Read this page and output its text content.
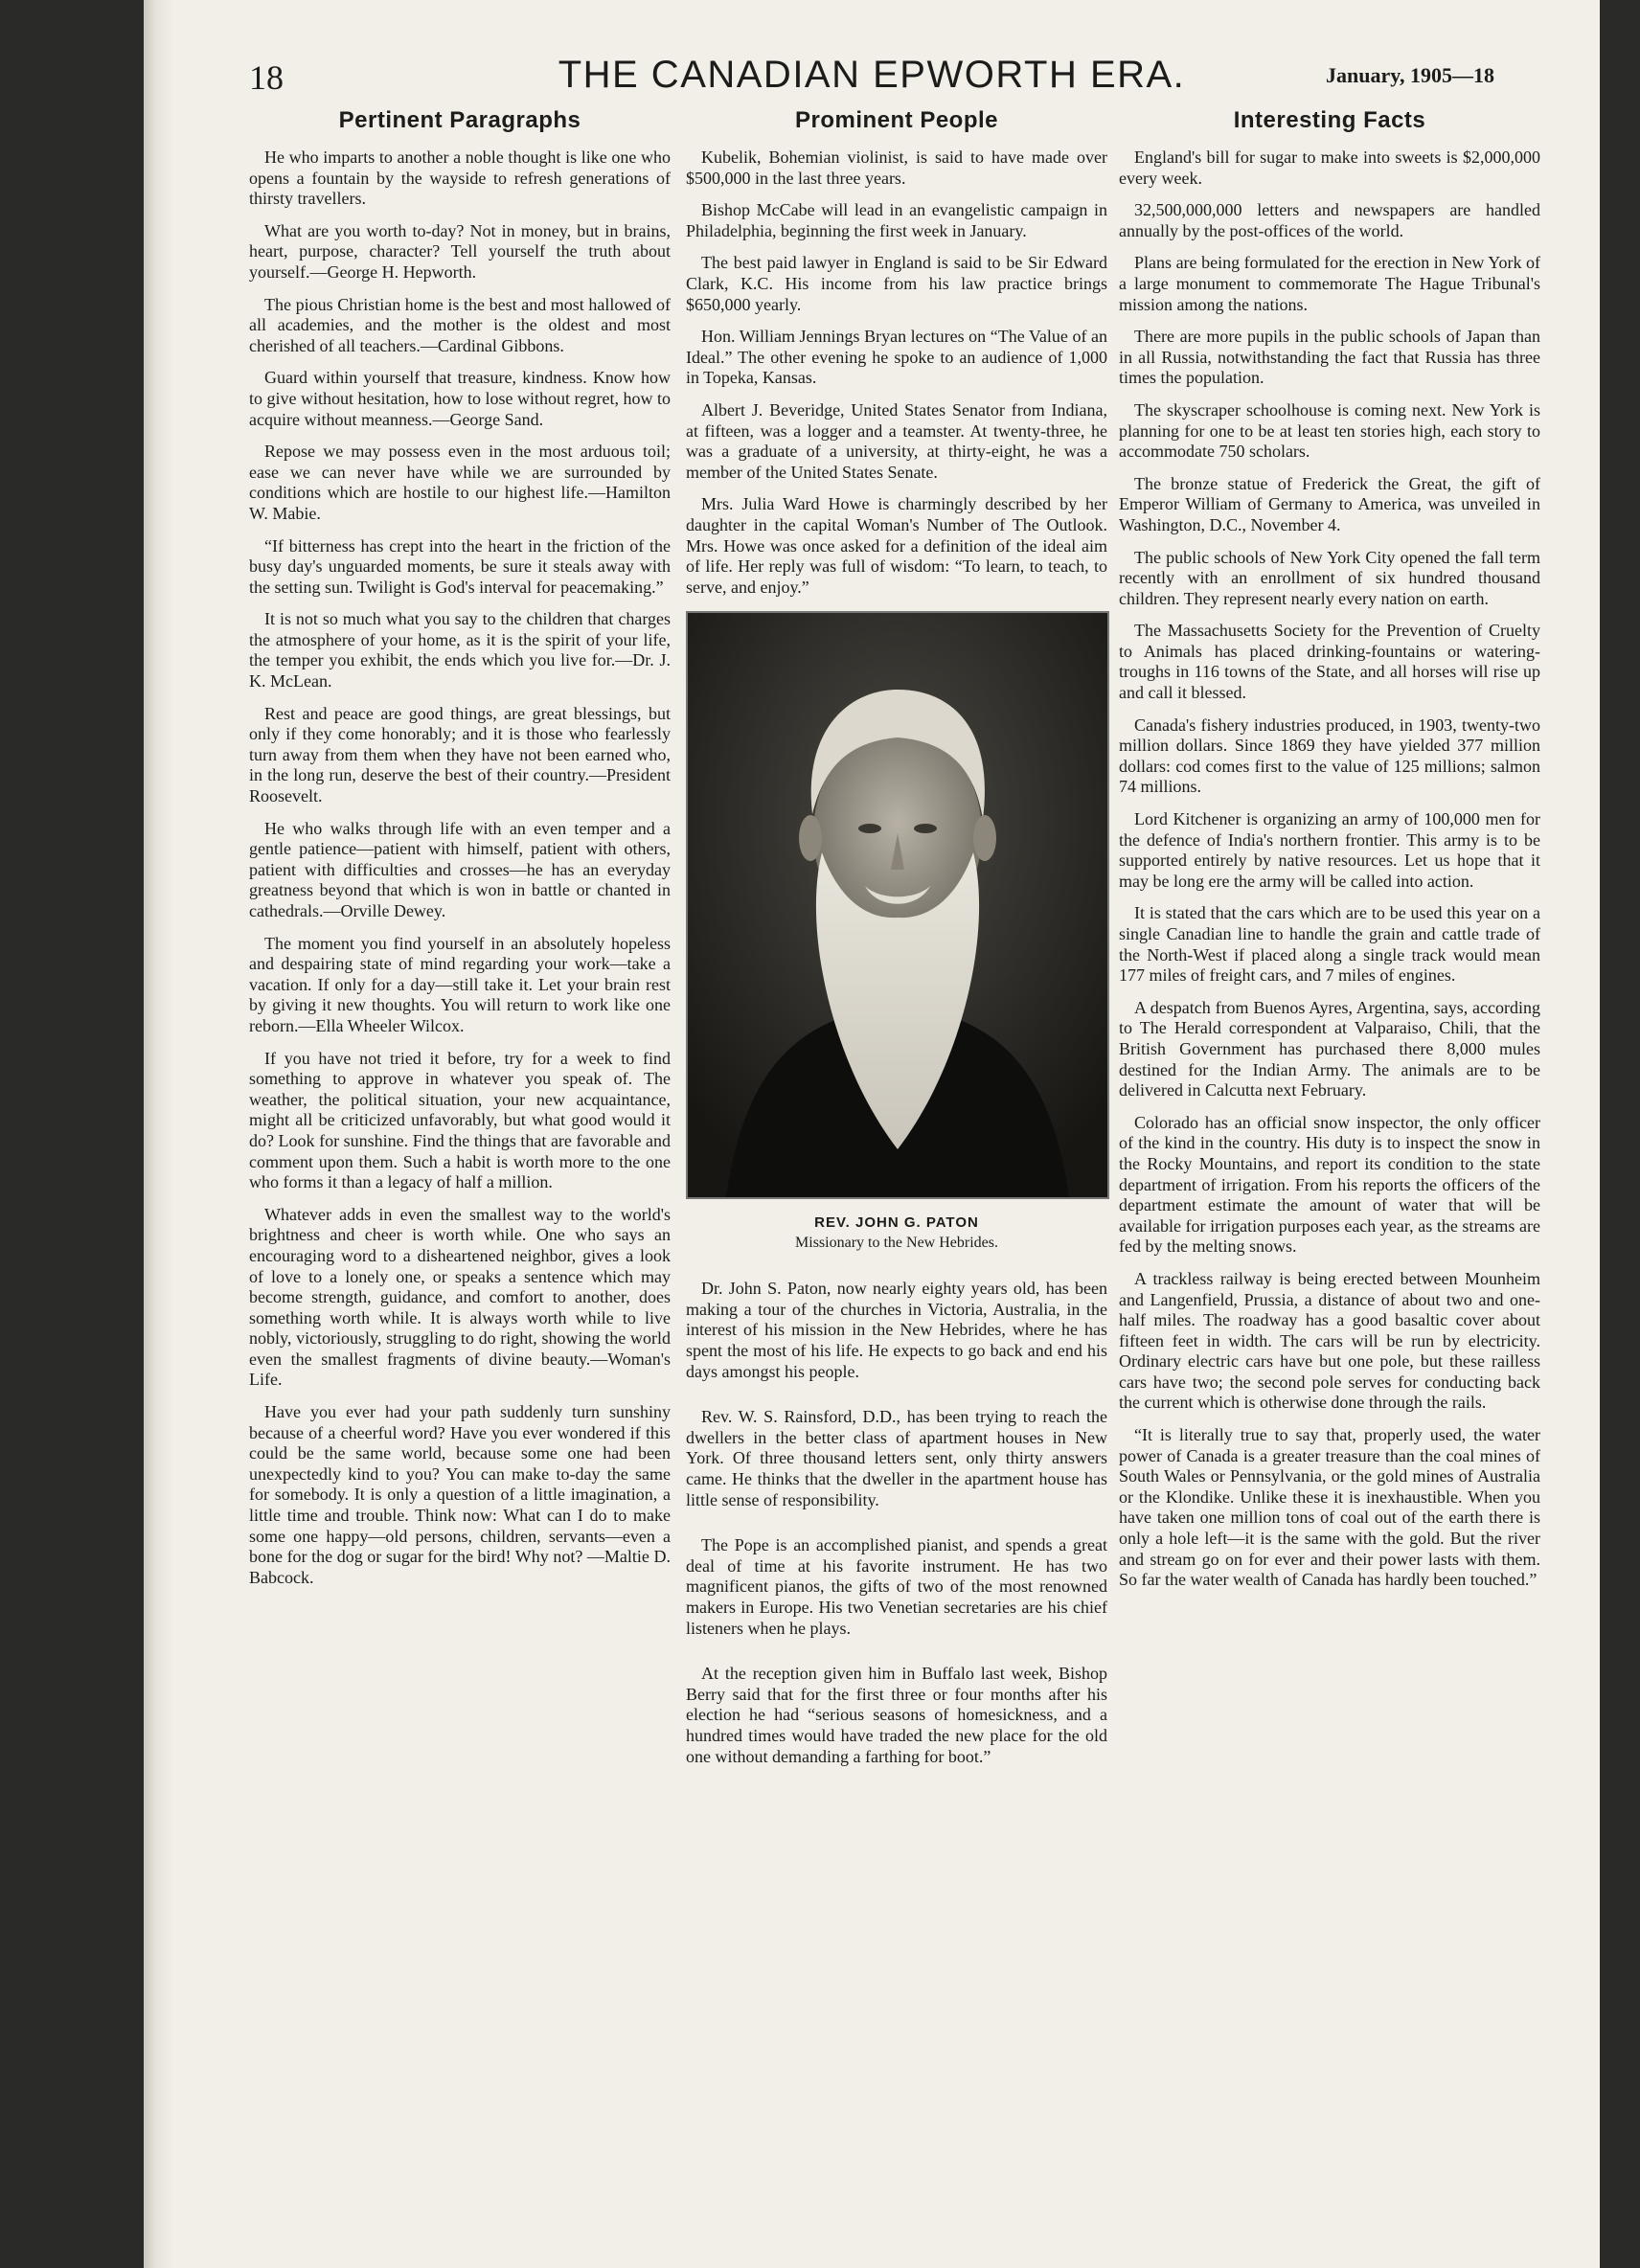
18	THE CANADIAN EPWORTH ERA.	January, 1905—18
Pertinent Paragraphs

He who imparts to another a noble thought is like one who opens a fountain by the wayside to refresh generations of thirsty travellers.

What are you worth to-day? Not in money, but in brains, heart, purpose, character? Tell yourself the truth about yourself.—George H. Hepworth.

The pious Christian home is the best and most hallowed of all academies, and the mother is the oldest and most cherished of all teachers.—Cardinal Gibbons.

Guard within yourself that treasure, kindness. Know how to give without hesitation, how to lose without regret, how to acquire without meanness.—George Sand.

Repose we may possess even in the most arduous toil; ease we can never have while we are surrounded by conditions which are hostile to our highest life.—Hamilton W. Mabie.

“If bitterness has crept into the heart in the friction of the busy day's unguarded moments, be sure it steals away with the setting sun. Twilight is God's interval for peacemaking.”

It is not so much what you say to the children that charges the atmosphere of your home, as it is the spirit of your life, the temper you exhibit, the ends which you live for.—Dr. J. K. McLean.

Rest and peace are good things, are great blessings, but only if they come honorably; and it is those who fearlessly turn away from them when they have not been earned who, in the long run, deserve the best of their country.—President Roosevelt.

He who walks through life with an even temper and a gentle patience—patient with himself, patient with others, patient with difficulties and crosses—he has an everyday greatness beyond that which is won in battle or chanted in cathedrals.—Orville Dewey.

The moment you find yourself in an absolutely hopeless and despairing state of mind regarding your work—take a vacation. If only for a day—still take it. Let your brain rest by giving it new thoughts. You will return to work like one reborn.—Ella Wheeler Wilcox.

If you have not tried it before, try for a week to find something to approve in whatever you speak of. The weather, the political situation, your new acquaintance, might all be criticized unfavorably, but what good would it do? Look for sunshine. Find the things that are favorable and comment upon them. Such a habit is worth more to the one who forms it than a legacy of half a million.

Whatever adds in even the smallest way to the world's brightness and cheer is worth while. One who says an encouraging word to a disheartened neighbor, gives a look of love to a lonely one, or speaks a sentence which may become strength, guidance, and comfort to another, does something worth while. It is always worth while to live nobly, victoriously, struggling to do right, showing the world even the smallest fragments of divine beauty.—Woman's Life.

Have you ever had your path suddenly turn sunshiny because of a cheerful word? Have you ever wondered if this could be the same world, because some one had been unexpectedly kind to you? You can make to-day the same for somebody. It is only a question of a little imagination, a little time and trouble. Think now: What can I do to make some one happy—old persons, children, servants—even a bone for the dog or sugar for the bird! Why not? —Maltie D. Babcock.

Prominent People

Kubelik, Bohemian violinist, is said to have made over $500,000 in the last three years.

Bishop McCabe will lead in an evangelistic campaign in Philadelphia, beginning the first week in January.

The best paid lawyer in England is said to be Sir Edward Clark, K.C. His income from his law practice brings $650,000 yearly.

Hon. William Jennings Bryan lectures on “The Value of an Ideal.” The other evening he spoke to an audience of 1,000 in Topeka, Kansas.

Albert J. Beveridge, United States Senator from Indiana, at fifteen, was a logger and a teamster. At twenty-three, he was a graduate of a university, at thirty-eight, he was a member of the United States Senate.

Mrs. Julia Ward Howe is charmingly described by her daughter in the capital Woman's Number of The Outlook. Mrs. Howe was once asked for a definition of the ideal aim of life. Her reply was full of wisdom: “To learn, to teach, to serve, and enjoy.”

REV. JOHN G. PATON
Missionary to the New Hebrides.

Dr. John S. Paton, now nearly eighty years old, has been making a tour of the churches in Victoria, Australia, in the interest of his mission in the New Hebrides, where he has spent the most of his life. He expects to go back and end his days amongst his people.

Rev. W. S. Rainsford, D.D., has been trying to reach the dwellers in the better class of apartment houses in New York. Of three thousand letters sent, only thirty answers came. He thinks that the dweller in the apartment house has little sense of responsibility.

The Pope is an accomplished pianist, and spends a great deal of time at his favorite instrument. He has two magnificent pianos, the gifts of two of the most renowned makers in Europe. His two Venetian secretaries are his chief listeners when he plays.

At the reception given him in Buffalo last week, Bishop Berry said that for the first three or four months after his election he had “serious seasons of homesickness, and a hundred times would have traded the new place for the old one without demanding a farthing for boot.”

Interesting Facts

England's bill for sugar to make into sweets is $2,000,000 every week.

32,500,000,000 letters and newspapers are handled annually by the post-offices of the world.

Plans are being formulated for the erection in New York of a large monument to commemorate The Hague Tribunal's mission among the nations.

There are more pupils in the public schools of Japan than in all Russia, notwithstanding the fact that Russia has three times the population.

The skyscraper schoolhouse is coming next. New York is planning for one to be at least ten stories high, each story to accommodate 750 scholars.

The bronze statue of Frederick the Great, the gift of Emperor William of Germany to America, was unveiled in Washington, D.C., November 4.

The public schools of New York City opened the fall term recently with an enrollment of six hundred thousand children. They represent nearly every nation on earth.

The Massachusetts Society for the Prevention of Cruelty to Animals has placed drinking-fountains or watering-troughs in 116 towns of the State, and all horses will rise up and call it blessed.

Canada's fishery industries produced, in 1903, twenty-two million dollars. Since 1869 they have yielded 377 million dollars: cod comes first to the value of 125 millions; salmon 74 millions.

Lord Kitchener is organizing an army of 100,000 men for the defence of India's northern frontier. This army is to be supported entirely by native resources. Let us hope that it may be long ere the army will be called into action.

It is stated that the cars which are to be used this year on a single Canadian line to handle the grain and cattle trade of the North-West if placed along a single track would mean 177 miles of freight cars, and 7 miles of engines.

A despatch from Buenos Ayres, Argentina, says, according to The Herald correspondent at Valparaiso, Chili, that the British Government has purchased there 8,000 mules destined for the Indian Army. The animals are to be delivered in Calcutta next February.

Colorado has an official snow inspector, the only officer of the kind in the country. His duty is to inspect the snow in the Rocky Mountains, and report its condition to the state department of irrigation. From his reports the officers of the department estimate the amount of water that will be available for irrigation purposes each year, as the streams are fed by the melting snows.

A trackless railway is being erected between Mounheim and Langenfield, Prussia, a distance of about two and one-half miles. The roadway has a good basaltic cover about fifteen feet in width. The cars will be run by electricity. Ordinary electric cars have but one pole, but these railless cars have two; the second pole serves for conducting back the current which is otherwise done through the rails.

“It is literally true to say that, properly used, the water power of Canada is a greater treasure than the coal mines of South Wales or Pennsylvania, or the gold mines of Australia or the Klondike. Unlike these it is inexhaustible. When you have taken one million tons of coal out of the earth there is only a hole left—it is the same with the gold. But the river and stream go on for ever and their power lasts with them. So far the water wealth of Canada has hardly been touched.”
